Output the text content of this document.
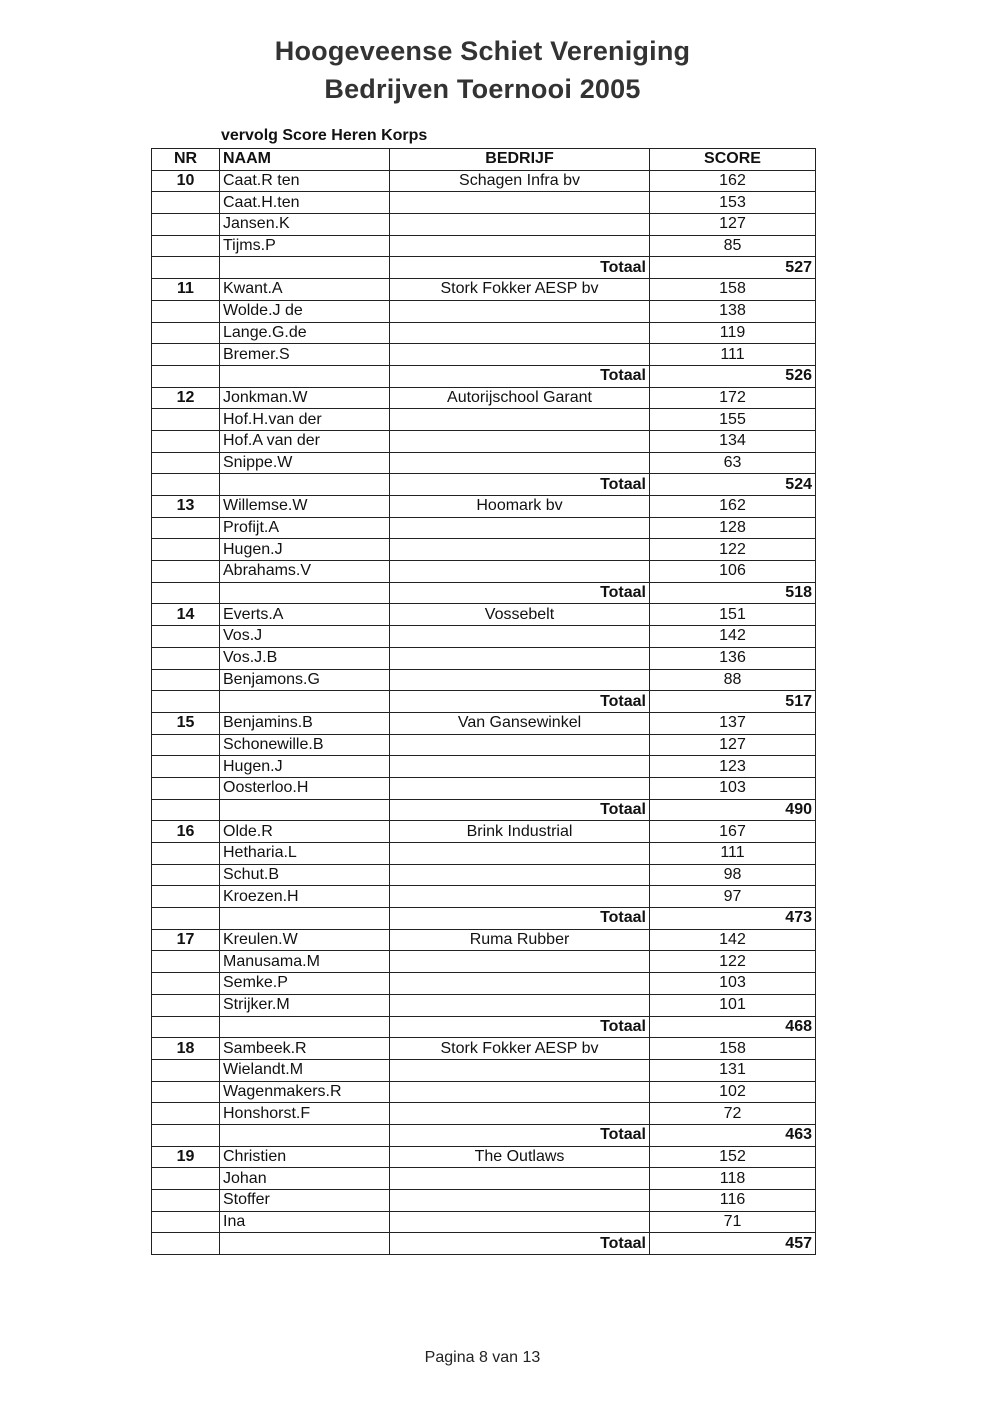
Hoogeveense Schiet Vereniging
Bedrijven Toernooi 2005
vervolg Score Heren Korps
NR	NAAM	BEDRIJF	SCORE
10	Caat.R ten	Schagen Infra bv	162
	Caat.H.ten		153
	Jansen.K		127
	Tijms.P		85
		Totaal	527
11	Kwant.A	Stork Fokker AESP bv	158
	Wolde.J de		138
	Lange.G.de		119
	Bremer.S		111
		Totaal	526
12	Jonkman.W	Autorijschool Garant	172
	Hof.H.van der		155
	Hof.A van der		134
	Snippe.W		63
		Totaal	524
13	Willemse.W	Hoomark bv	162
	Profijt.A		128
	Hugen.J		122
	Abrahams.V		106
		Totaal	518
14	Everts.A	Vossebelt	151
	Vos.J		142
	Vos.J.B		136
	Benjamons.G		88
		Totaal	517
15	Benjamins.B	Van Gansewinkel	137
	Schonewille.B		127
	Hugen.J		123
	Oosterloo.H		103
		Totaal	490
16	Olde.R	Brink Industrial	167
	Hetharia.L		111
	Schut.B		98
	Kroezen.H		97
		Totaal	473
17	Kreulen.W	Ruma Rubber	142
	Manusama.M		122
	Semke.P		103
	Strijker.M		101
		Totaal	468
18	Sambeek.R	Stork Fokker AESP bv	158
	Wielandt.M		131
	Wagenmakers.R		102
	Honshorst.F		72
		Totaal	463
19	Christien	The Outlaws	152
	Johan		118
	Stoffer		116
	Ina		71
		Totaal	457
Pagina 8 van 13
